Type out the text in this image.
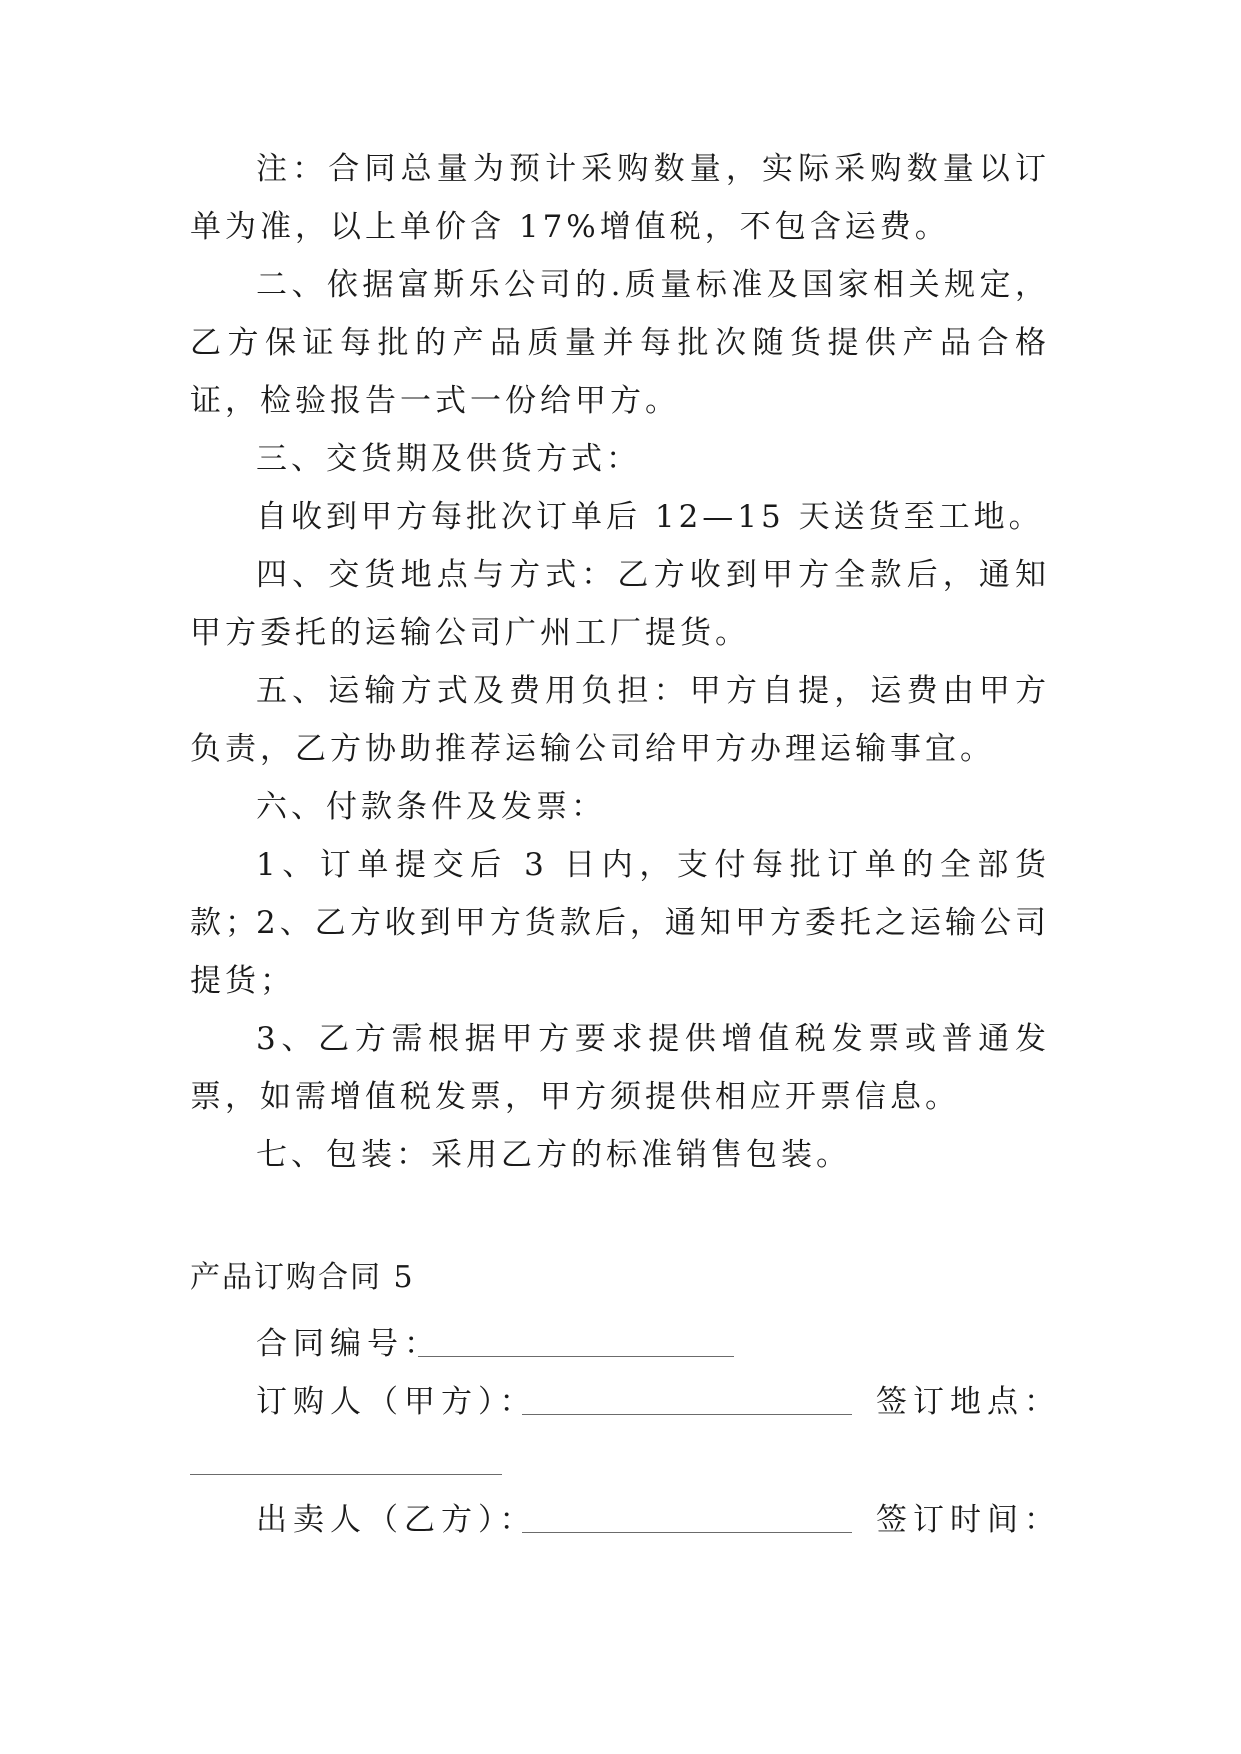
注：合同总量为预计采购数量，实际采购数量以订单为准，以上单价含 17%增值税，不包含运费。

二、依据富斯乐公司的.质量标准及国家相关规定，乙方保证每批的产品质量并每批次随货提供产品合格证，检验报告一式一份给甲方。

三、交货期及供货方式：

自收到甲方每批次订单后 12—15 天送货至工地。

四、交货地点与方式：乙方收到甲方全款后，通知甲方委托的运输公司广州工厂提货。

五、运输方式及费用负担：甲方自提，运费由甲方负责，乙方协助推荐运输公司给甲方办理运输事宜。

六、付款条件及发票：

1、订单提交后 3 日内，支付每批订单的全部货款；

2、乙方收到甲方货款后，通知甲方委托之运输公司提货；

3、乙方需根据甲方要求提供增值税发票或普通发票，如需增值税发票，甲方须提供相应开票信息。

七、包装：采用乙方的标准销售包装。

产品订购合同 5
合同编号：
订购人（甲方）：	签订地点：
出卖人（乙方）：	签订时间：
